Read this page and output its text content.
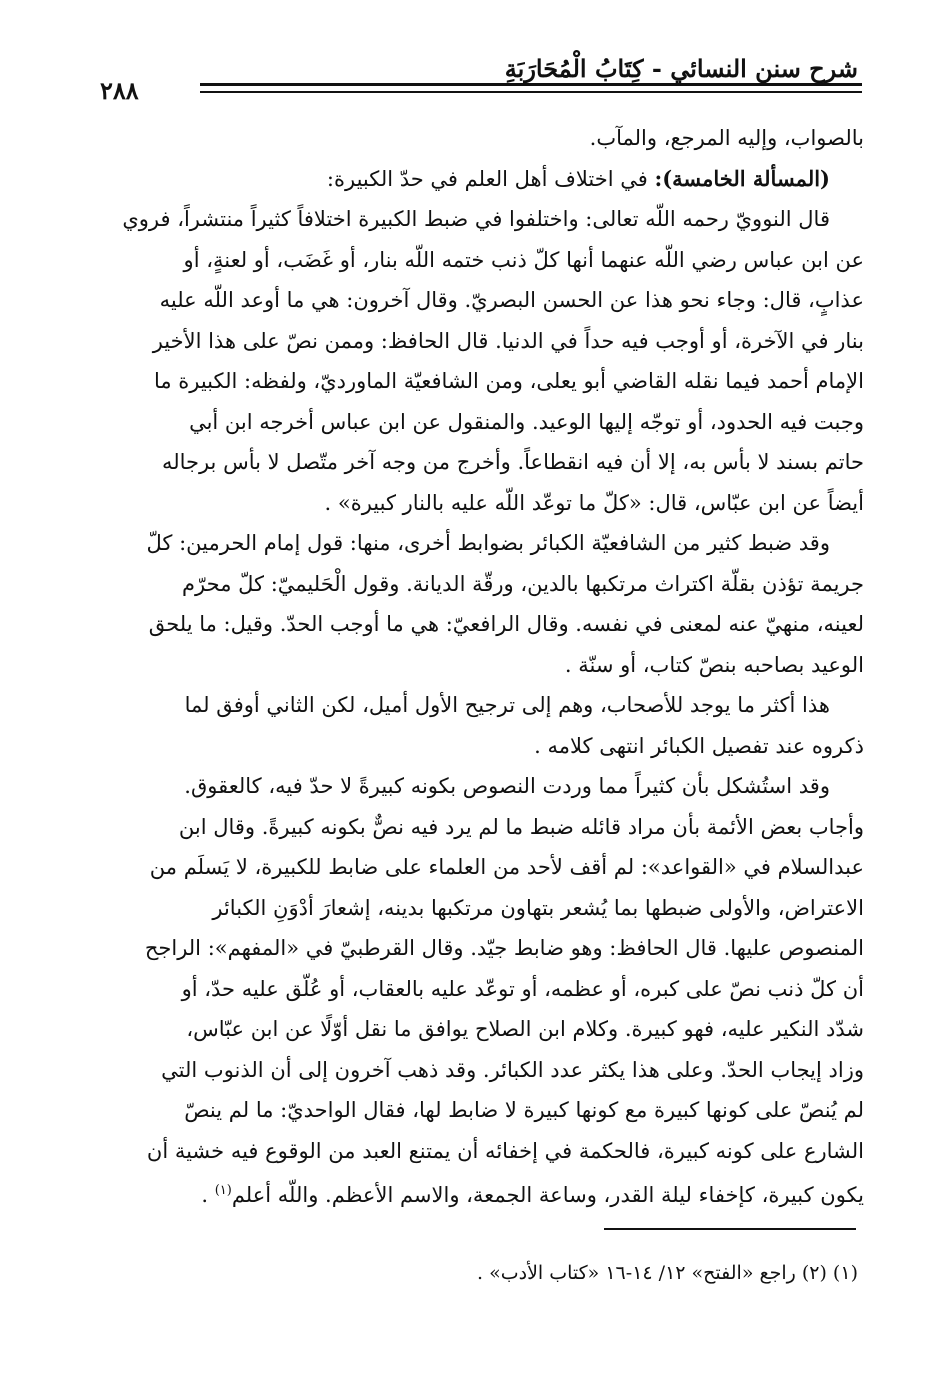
شرح سنن النسائي - كِتَابُ الْمُحَارَبَةِ
٢٨٨
بالصواب، وإليه المرجع، والمآب.
(المسألة الخامسة): في اختلاف أهل العلم في حدّ الكبيرة:
قال النوويّ رحمه اللّه تعالى: واختلفوا في ضبط الكبيرة اختلافاً كثيراً منتشراً، فروي
عن ابن عباس رضي اللّه عنهما أنها كلّ ذنب ختمه اللّه بنار، أو غَضَب، أو لعنةٍ، أو
عذابٍ، قال: وجاء نحو هذا عن الحسن البصريّ. وقال آخرون: هي ما أوعد اللّه عليه
بنار في الآخرة، أو أوجب فيه حداً في الدنيا. قال الحافظ: وممن نصّ على هذا الأخير
الإمام أحمد فيما نقله القاضي أبو يعلى، ومن الشافعيّة الماورديّ، ولفظه: الكبيرة ما
وجبت فيه الحدود، أو توجّه إليها الوعيد. والمنقول عن ابن عباس أخرجه ابن أبي
حاتم بسند لا بأس به، إلا أن فيه انقطاعاً. وأخرج من وجه آخر متّصل لا بأس برجاله
أيضاً عن ابن عبّاس، قال: «كلّ ما توعّد اللّه عليه بالنار كبيرة» .
وقد ضبط كثير من الشافعيّة الكبائر بضوابط أخرى، منها: قول إمام الحرمين: كلّ
جريمة تؤذن بقلّة اكتراث مرتكبها بالدين، ورقّة الديانة. وقول الْحَليميّ: كلّ محرّم
لعينه، منهيّ عنه لمعنى في نفسه. وقال الرافعيّ: هي ما أوجب الحدّ. وقيل: ما يلحق
الوعيد بصاحبه بنصّ كتاب، أو سنّة .
هذا أكثر ما يوجد للأصحاب، وهم إلى ترجيح الأول أميل، لكن الثاني أوفق لما
ذكروه عند تفصيل الكبائر انتهى كلامه .
وقد استُشكل بأن كثيراً مما وردت النصوص بكونه كبيرةً لا حدّ فيه، كالعقوق.
وأجاب بعض الأئمة بأن مراد قائله ضبط ما لم يرد فيه نصٌّ بكونه كبيرةً. وقال ابن
عبدالسلام في «القواعد»: لم أقف لأحد من العلماء على ضابط للكبيرة، لا يَسلَم من
الاعتراض، والأولى ضبطها بما يُشعر بتهاون مرتكبها بدينه، إشعارَ أدْوَنِ الكبائر
المنصوص عليها. قال الحافظ: وهو ضابط جيّد. وقال القرطبيّ في «المفهم»: الراجح
أن كلّ ذنب نصّ على كبره، أو عظمه، أو توعّد عليه بالعقاب، أو عُلّق عليه حدّ، أو
شدّد النكير عليه، فهو كبيرة. وكلام ابن الصلاح يوافق ما نقل أوّلًا عن ابن عبّاس،
وزاد إيجاب الحدّ. وعلى هذا يكثر عدد الكبائر. وقد ذهب آخرون إلى أن الذنوب التي
لم يُنصّ على كونها كبيرة مع كونها كبيرة لا ضابط لها، فقال الواحديّ: ما لم ينصّ
الشارع على كونه كبيرة، فالحكمة في إخفائه أن يمتنع العبد من الوقوع فيه خشية أن
يكون كبيرة، كإخفاء ليلة القدر، وساعة الجمعة، والاسم الأعظم. واللّه أعلم$^{(١)}$ .
(١) (٢) راجع «الفتح» ١٢/ ١٤-١٦ «كتاب الأدب» .
